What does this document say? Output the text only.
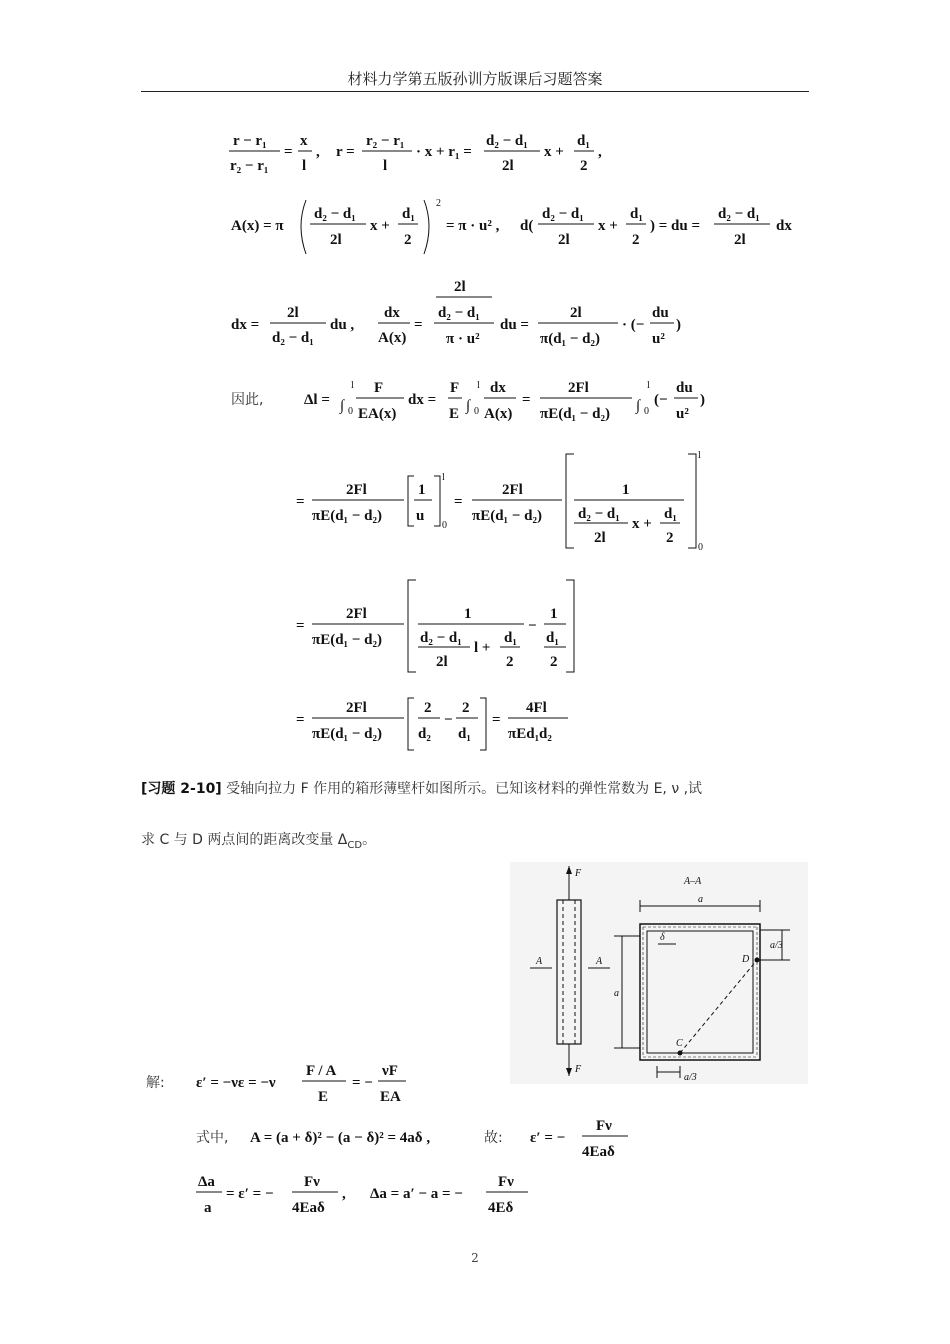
材料力学第五版孙训方版课后习题答案
r − r₁
r₂ − r₁
=
x
l
, r =
r₂ − r₁
l
· x + r₁ =
d₂ − d₁
2l
x +
d₁
2
,
A(x) = π
d₂ − d₁
2l
x +
d₁
2
2
= π · u² , d(
d₂ − d₁
2l
x +
d₁
2
) = du =
d₂ − d₁
2l
dx
dx =
2l
d₂ − d₁
du ,
dx
A(x)
=
2l
d₂ − d₁
π · u²
du =
2l
π(d₁ − d₂)
· (−
du
u²
)
因此,	Δl = ∫
l
0
F
EA(x)
dx =
F
E ∫
l
0
dx
A(x)
=
2Fl
πE(d₁ − d₂) ∫
l
0
(−
du
u²
)
=
2Fl
πE(d₁ − d₂)
1
u
l
0
=
2Fl
πE(d₁ − d₂)
1
d₂ − d₁
2l
x +
d₁
2
l
0
=
2Fl
πE(d₁ − d₂)
1
d₂ − d₁
2l
l +
d₁
2
−
1
d₁
2
=
2Fl
πE(d₁ − d₂)
2
d₂
−
2
d₁
=
4Fl
πEd₁d₂
解: ε′ = −νε = −ν
F / A
E
= −
νF
EA
式中, A = (a + δ)² − (a − δ)² = 4aδ ,	故: ε′ = −
Fν
4Eaδ
Δa
a
= ε′ = −
Fν
4Eaδ
, Δa = a′ − a = −
Fν
4Eδ
F
F
A	A
A–A
a
a
δ
a/3
C
D
a/3
[习题 2-10] 受轴向拉力 F 作用的箱形薄壁杆如图所示。已知该材料的弹性常数为 E, ν ,试
求 C 与 D 两点间的距离改变量 $\Delta_{CD}$。
2
